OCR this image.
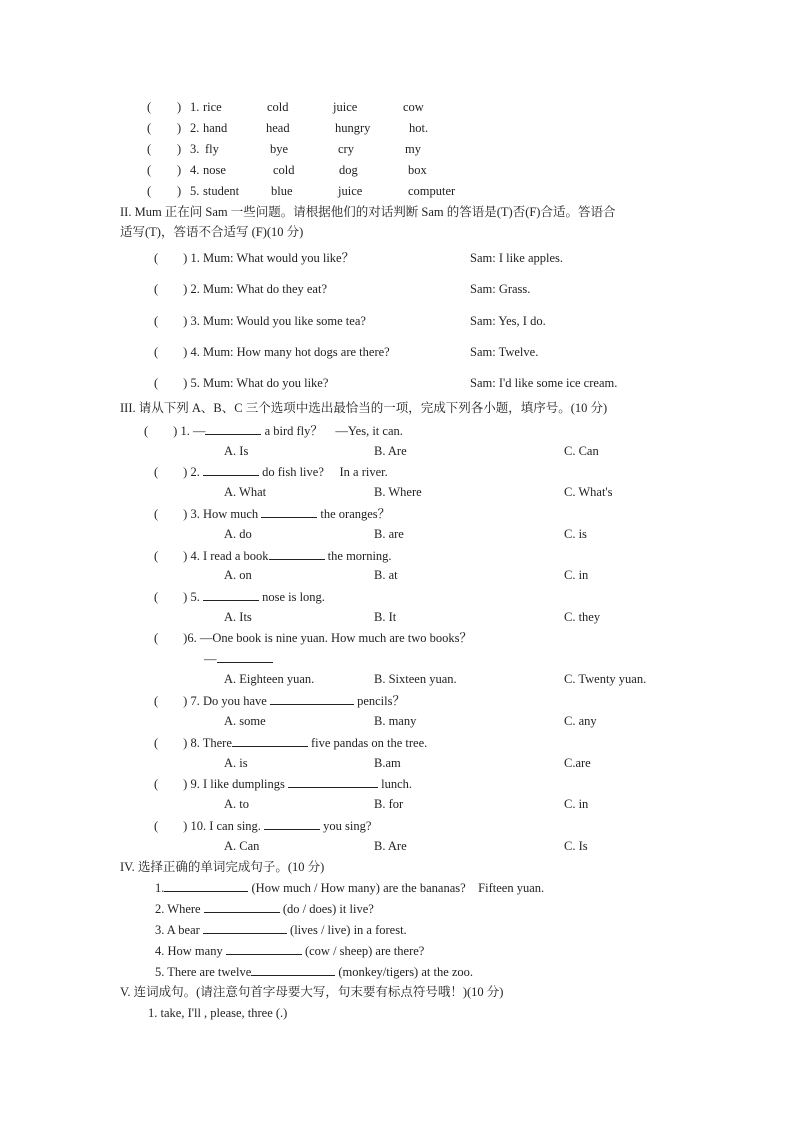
( ) 1. rice	cold	juice	cow
( ) 2. hand	head	hungry	hot.
( ) 3. fly	bye	cry	my
( ) 4. nose	cold	dog	box
( ) 5. student	blue	juice	computer
II. Mum 正在问 Sam 一些问题。请根据他们的对话判断 Sam 的答语是(T)否(F)合适。答语合
适写(T)，答语不合适写 (F)(10 分)
(　　) 1. Mum: What would you like？	Sam: I like apples.
(　　) 2. Mum: What do they eat?	Sam: Grass.
(　　) 3. Mum: Would you like some tea?	Sam: Yes, I do.
(　　) 4. Mum: How many hot dogs are there?	Sam: Twelve.
(　　) 5. Mum: What do you like?	Sam: I'd like some ice cream.
III. 请从下列 A、B、C 三个选项中选出最恰当的一项，完成下列各小题，填序号。(10 分)
(　　) 1. —	a bird fly？　—Yes, it can.
A. Is	B. Are	C. Can
(　　) 2.	do fish live?　 In a river.
A. What	B. Where	C. What's
(　　) 3. How much	the oranges？
A. do	B. are	C. is
(　　) 4. I read a book	the morning.
A. on	B. at	C. in
(　　) 5.	nose is long.
A. Its	B. It	C. they
(　　)6. —One book is nine yuan. How much are two books？
—
A. Eighteen yuan.	B. Sixteen yuan.	C. Twenty yuan.
(　　) 7. Do you have	pencils？
A. some	B. many	C. any
(　　) 8. There	five pandas on the tree.
A. is	B.am	C.are
(　　) 9. I like dumplings	lunch.
A. to	B. for	C. in
(　　) 10. I can sing.	you sing?
A. Can	B. Are	C. Is
IV. 选择正确的单词完成句子。(10 分)
1.	(How much / How many) are the bananas?　Fifteen yuan.
2. Where	(do / does) it live?
3. A bear	(lives / live) in a forest.
4. How many	(cow / sheep) are there?
5. There are twelve	(monkey/tigers) at the zoo.
V. 连词成句。(请注意句首字母要大写，句末要有标点符号哦！)(10 分)
1. take, I'll , please, three (.)
